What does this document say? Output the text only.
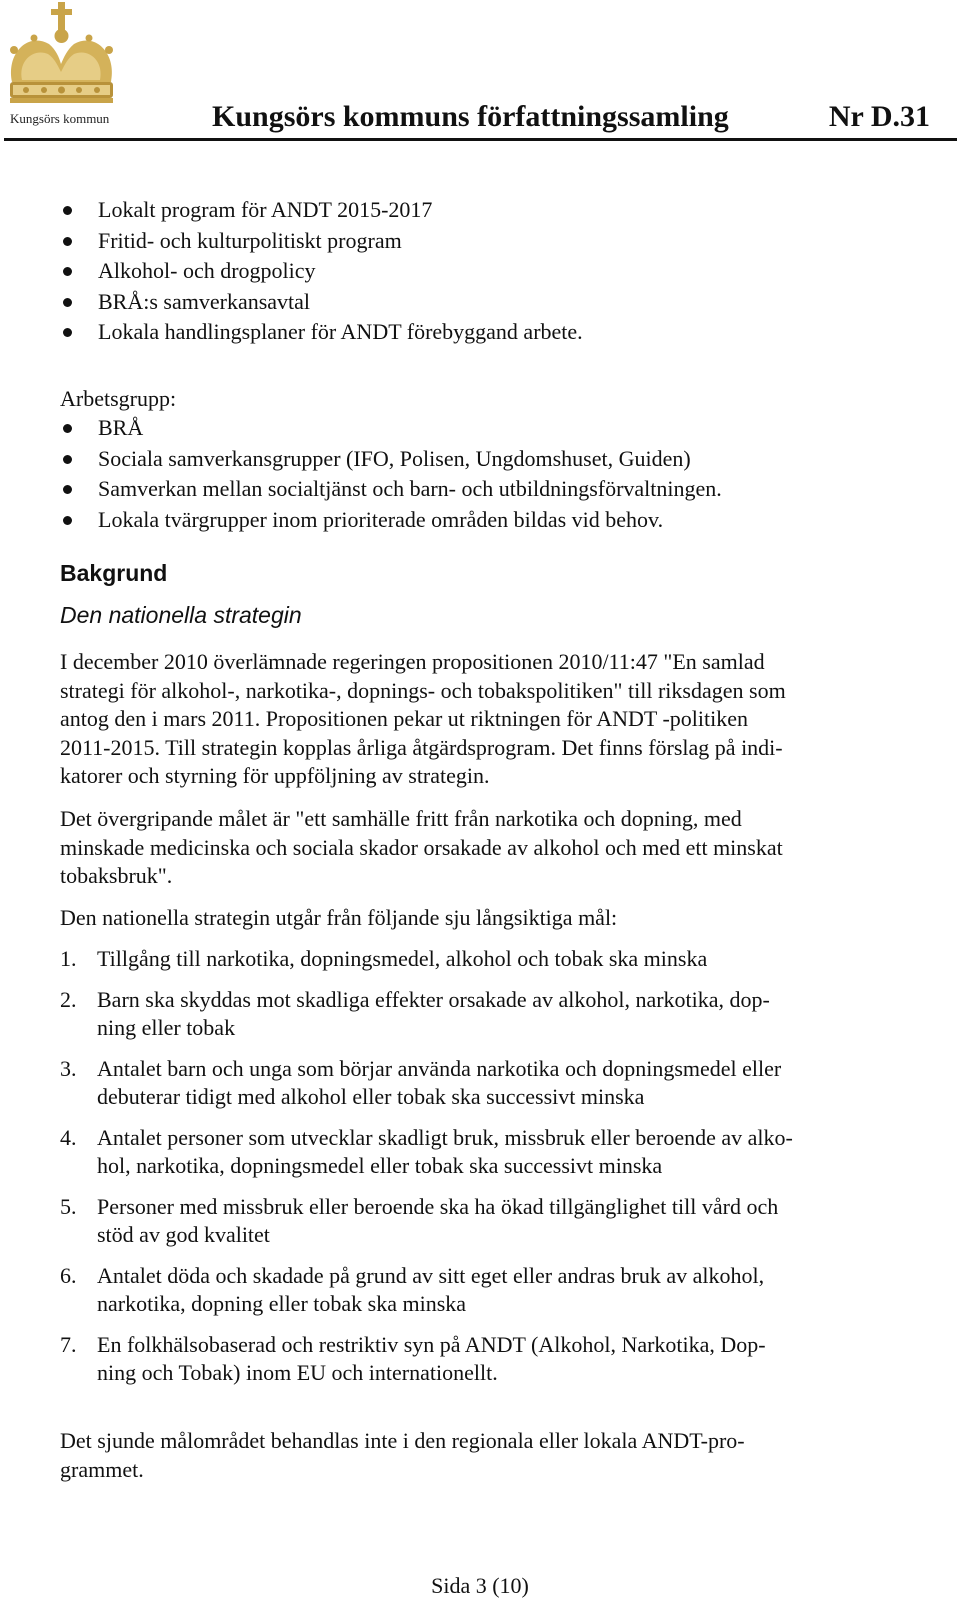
Kungsörs kommun	Kungsörs kommuns författningssamling	Nr D.31
Lokalt program för ANDT 2015-2017
Fritid- och kulturpolitiskt program
Alkohol- och drogpolicy
BRÅ:s samverkansavtal
Lokala handlingsplaner för ANDT förebyggand arbete.
Arbetsgrupp:
BRÅ
Sociala samverkansgrupper (IFO, Polisen, Ungdomshuset, Guiden)
Samverkan mellan socialtjänst och barn- och utbildningsförvaltningen.
Lokala tvärgrupper inom prioriterade områden bildas vid behov.
Bakgrund
Den nationella strategin
I december 2010 överlämnade regeringen propositionen 2010/11:47 "En samlad
strategi för alkohol-, narkotika-, dopnings- och tobakspolitiken" till riksdagen som
antog den i mars 2011. Propositionen pekar ut riktningen för ANDT -politiken
2011-2015. Till strategin kopplas årliga åtgärdsprogram. Det finns förslag på indi-
katorer och styrning för uppföljning av strategin.
Det övergripande målet är "ett samhälle fritt från narkotika och dopning, med
minskade medicinska och sociala skador orsakade av alkohol och med ett minskat
tobaksbruk".
Den nationella strategin utgår från följande sju långsiktiga mål:
1. Tillgång till narkotika, dopningsmedel, alkohol och tobak ska minska
2. Barn ska skyddas mot skadliga effekter orsakade av alkohol, narkotika, dop-
ning eller tobak
3. Antalet barn och unga som börjar använda narkotika och dopningsmedel eller
debuterar tidigt med alkohol eller tobak ska successivt minska
4. Antalet personer som utvecklar skadligt bruk, missbruk eller beroende av alko-
hol, narkotika, dopningsmedel eller tobak ska successivt minska
5. Personer med missbruk eller beroende ska ha ökad tillgänglighet till vård och
stöd av god kvalitet
6. Antalet döda och skadade på grund av sitt eget eller andras bruk av alkohol,
narkotika, dopning eller tobak ska minska
7. En folkhälsobaserad och restriktiv syn på ANDT (Alkohol, Narkotika, Dop-
ning och Tobak) inom EU och internationellt.
Det sjunde målområdet behandlas inte i den regionala eller lokala ANDT-pro-
grammet.
Sida 3 (10)
